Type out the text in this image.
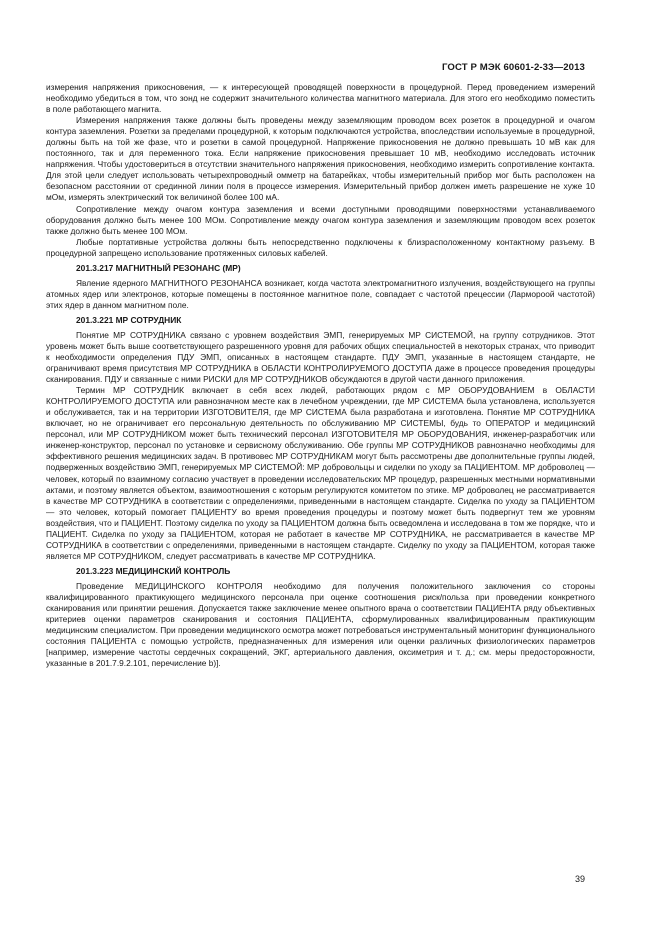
ГОСТ Р МЭК 60601-2-33—2013

измерения напряжения прикосновения, — к интересующей проводящей поверхности в процедурной. Перед проведением измерений необходимо убедиться в том, что зонд не содержит значительного количества магнитного материала. Для этого его необходимо поместить в поле работающего магнита.

Измерения напряжения также должны быть проведены между заземляющим проводом всех розеток в процедурной и очагом контура заземления. Розетки за пределами процедурной, к которым подключаются устройства, впоследствии используемые в процедурной, должны быть на той же фазе, что и розетки в самой процедурной. Напряжение прикосновения не должно превышать 10 мВ как для постоянного, так и для переменного тока. Если напряжение прикосновения превышает 10 мВ, необходимо исследовать источник напряжения. Чтобы удостовериться в отсутствии значительного напряжения прикосновения, необходимо измерить сопротивление контакта. Для этой цели следует использовать четырехпроводный омметр на батарейках, чтобы измерительный прибор мог быть расположен на безопасном расстоянии от срединной линии поля в процессе измерения. Измерительный прибор должен иметь разрешение не хуже 10 мОм, измерять электрический ток величиной более 100 мА.

Сопротивление между очагом контура заземления и всеми доступными проводящими поверхностями устанавливаемого оборудования должно быть менее 100 МОм. Сопротивление между очагом контура заземления и заземляющим проводом всех розеток также должно быть менее 100 МОм.

Любые портативные устройства должны быть непосредственно подключены к близрасположенному контактному разъему. В процедурной запрещено использование протяженных силовых кабелей.

201.3.217 МАГНИТНЫЙ РЕЗОНАНС (МР)

Явление ядерного МАГНИТНОГО РЕЗОНАНСА возникает, когда частота электромагнитного излучения, воздействующего на группы атомных ядер или электронов, которые помещены в постоянное магнитное поле, совпадает с частотой прецессии (Лармороой частотой) этих ядер в данном магнитном поле.

201.3.221 МР СОТРУДНИК

Понятие МР СОТРУДНИКА связано с уровнем воздействия ЭМП, генерируемых МР СИСТЕМОЙ, на группу сотрудников. Этот уровень может быть выше соответствующего разрешенного уровня для рабочих общих специальностей в некоторых странах, что приводит к необходимости определения ПДУ ЭМП, описанных в настоящем стандарте. ПДУ ЭМП, указанные в настоящем стандарте, не ограничивают время присутствия МР СОТРУДНИКА в ОБЛАСТИ КОНТРОЛИРУЕМОГО ДОСТУПА даже в процессе проведения процедуры сканирования. ПДУ и связанные с ними РИСКИ для МР СОТРУДНИКОВ обсуждаются в другой части данного приложения.

Термин МР СОТРУДНИК включает в себя всех людей, работающих рядом с МР ОБОРУДОВАНИЕМ в ОБЛАСТИ КОНТРОЛИРУЕМОГО ДОСТУПА или равнозначном месте как в лечебном учреждении, где МР СИСТЕМА была установлена, используется и обслуживается, так и на территории ИЗГОТОВИТЕЛЯ, где МР СИСТЕМА была разработана и изготовлена. Понятие МР СОТРУДНИКА включает, но не ограничивает его персональную деятельность по обслуживанию МР СИСТЕМЫ, будь то ОПЕРАТОР и медицинский персонал, или МР СОТРУДНИКОМ может быть технический персонал ИЗГОТОВИТЕЛЯ МР ОБОРУДОВАНИЯ, инженер-разработчик или инженер-конструктор, персонал по установке и сервисному обслуживанию. Обе группы МР СОТРУДНИКОВ равнозначно необходимы для эффективного решения медицинских задач. В противовес МР СОТРУДНИКАМ могут быть рассмотрены две дополнительные группы людей, подверженных воздействию ЭМП, генерируемых МР СИСТЕМОЙ: МР добровольцы и сиделки по уходу за ПАЦИЕНТОМ. МР доброволец — человек, который по взаимному согласию участвует в проведении исследовательских МР процедур, разрешенных местными нормативными актами, и поэтому является объектом, взаимоотношения с которым регулируются комитетом по этике. МР доброволец не рассматривается в качестве МР СОТРУДНИКА в соответствии с определениями, приведенными в настоящем стандарте. Сиделка по уходу за ПАЦИЕНТОМ — это человек, который помогает ПАЦИЕНТУ во время проведения процедуры и поэтому может быть подвергнут тем же уровням воздействия, что и ПАЦИЕНТ. Поэтому сиделка по уходу за ПАЦИЕНТОМ должна быть осведомлена и исследована в том же порядке, что и ПАЦИЕНТ. Сиделка по уходу за ПАЦИЕНТОМ, которая не работает в качестве МР СОТРУДНИКА, не рассматривается в качестве МР СОТРУДНИКА в соответствии с определениями, приведенными в настоящем стандарте. Сиделку по уходу за ПАЦИЕНТОМ, которая также является МР СОТРУДНИКОМ, следует рассматривать в качестве МР СОТРУДНИКА.

201.3.223 МЕДИЦИНСКИЙ КОНТРОЛЬ

Проведение МЕДИЦИНСКОГО КОНТРОЛЯ необходимо для получения положительного заключения со стороны квалифицированного практикующего медицинского персонала при оценке соотношения риск/польза при проведении конкретного сканирования или принятии решения. Допускается также заключение менее опытного врача о соответствии ПАЦИЕНТА ряду объективных критериев оценки параметров сканирования и состояния ПАЦИЕНТА, сформулированных квалифицированным практикующим медицинским специалистом. При проведении медицинского осмотра может потребоваться инструментальный мониторинг функционального состояния ПАЦИЕНТА с помощью устройств, предназначенных для измерения или оценки различных физиологических параметров [например, измерение частоты сердечных сокращений, ЭКГ, артериального давления, оксиметрия и т. д.; см. меры предосторожности, указанные в 201.7.9.2.101, перечисление b)].

39
